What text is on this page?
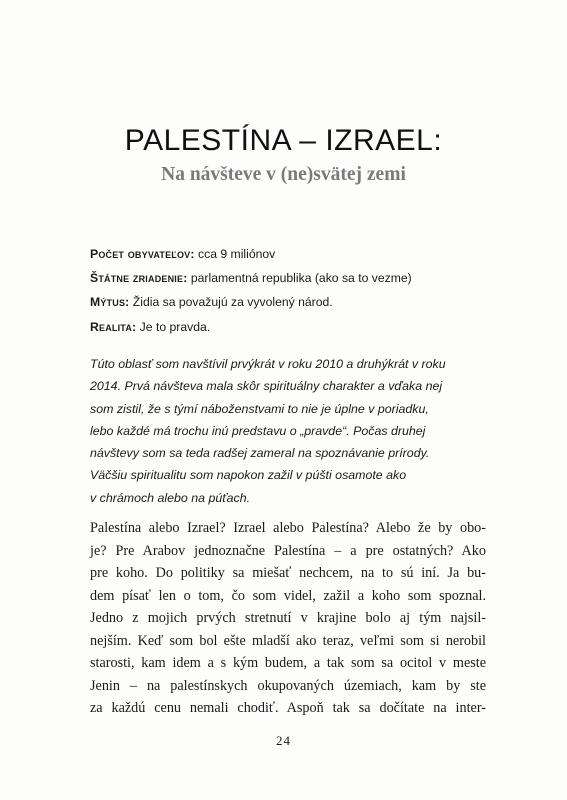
PALESTÍNA – IZRAEL:
Na návšteve v (ne)svätej zemi
Počet obyvateľov: cca 9 miliónov
Štátne zriadenie: parlamentná republika (ako sa to vezme)
Mýtus: Židia sa považujú za vyvolený národ.
Realita: Je to pravda.
Túto oblasť som navštívil prvýkrát v roku 2010 a druhýkrát v roku
2014. Prvá návšteva mala skôr spirituálny charakter a vďaka nej
som zistil, že s týmí náboženstvami to nie je úplne v poriadku,
lebo každé má trochu inú predstavu o „pravde“. Počas druhej
návštevy som sa teda radšej zameral na spoznávanie prírody.
Väčšiu spiritualitu som napokon zažil v púšti osamote ako
v chrámoch alebo na púťach.
Palestína alebo Izrael? Izrael alebo Palestína? Alebo že by obo-
je? Pre Arabov jednoznačne Palestína – a pre ostatných? Ako
pre koho. Do politiky sa miešať nechcem, na to sú iní. Ja bu-
dem písať len o tom, čo som videl, zažil a koho som spoznal.
Jedno z mojich prvých stretnutí v krajine bolo aj tým najsil-
nejším. Keď som bol ešte mladší ako teraz, veľmi som si nerobil
starosti, kam idem a s kým budem, a tak som sa ocitol v meste
Jenin – na palestínskych okupovaných územiach, kam by ste
za každú cenu nemali chodiť. Aspoň tak sa dočítate na inter-
24
